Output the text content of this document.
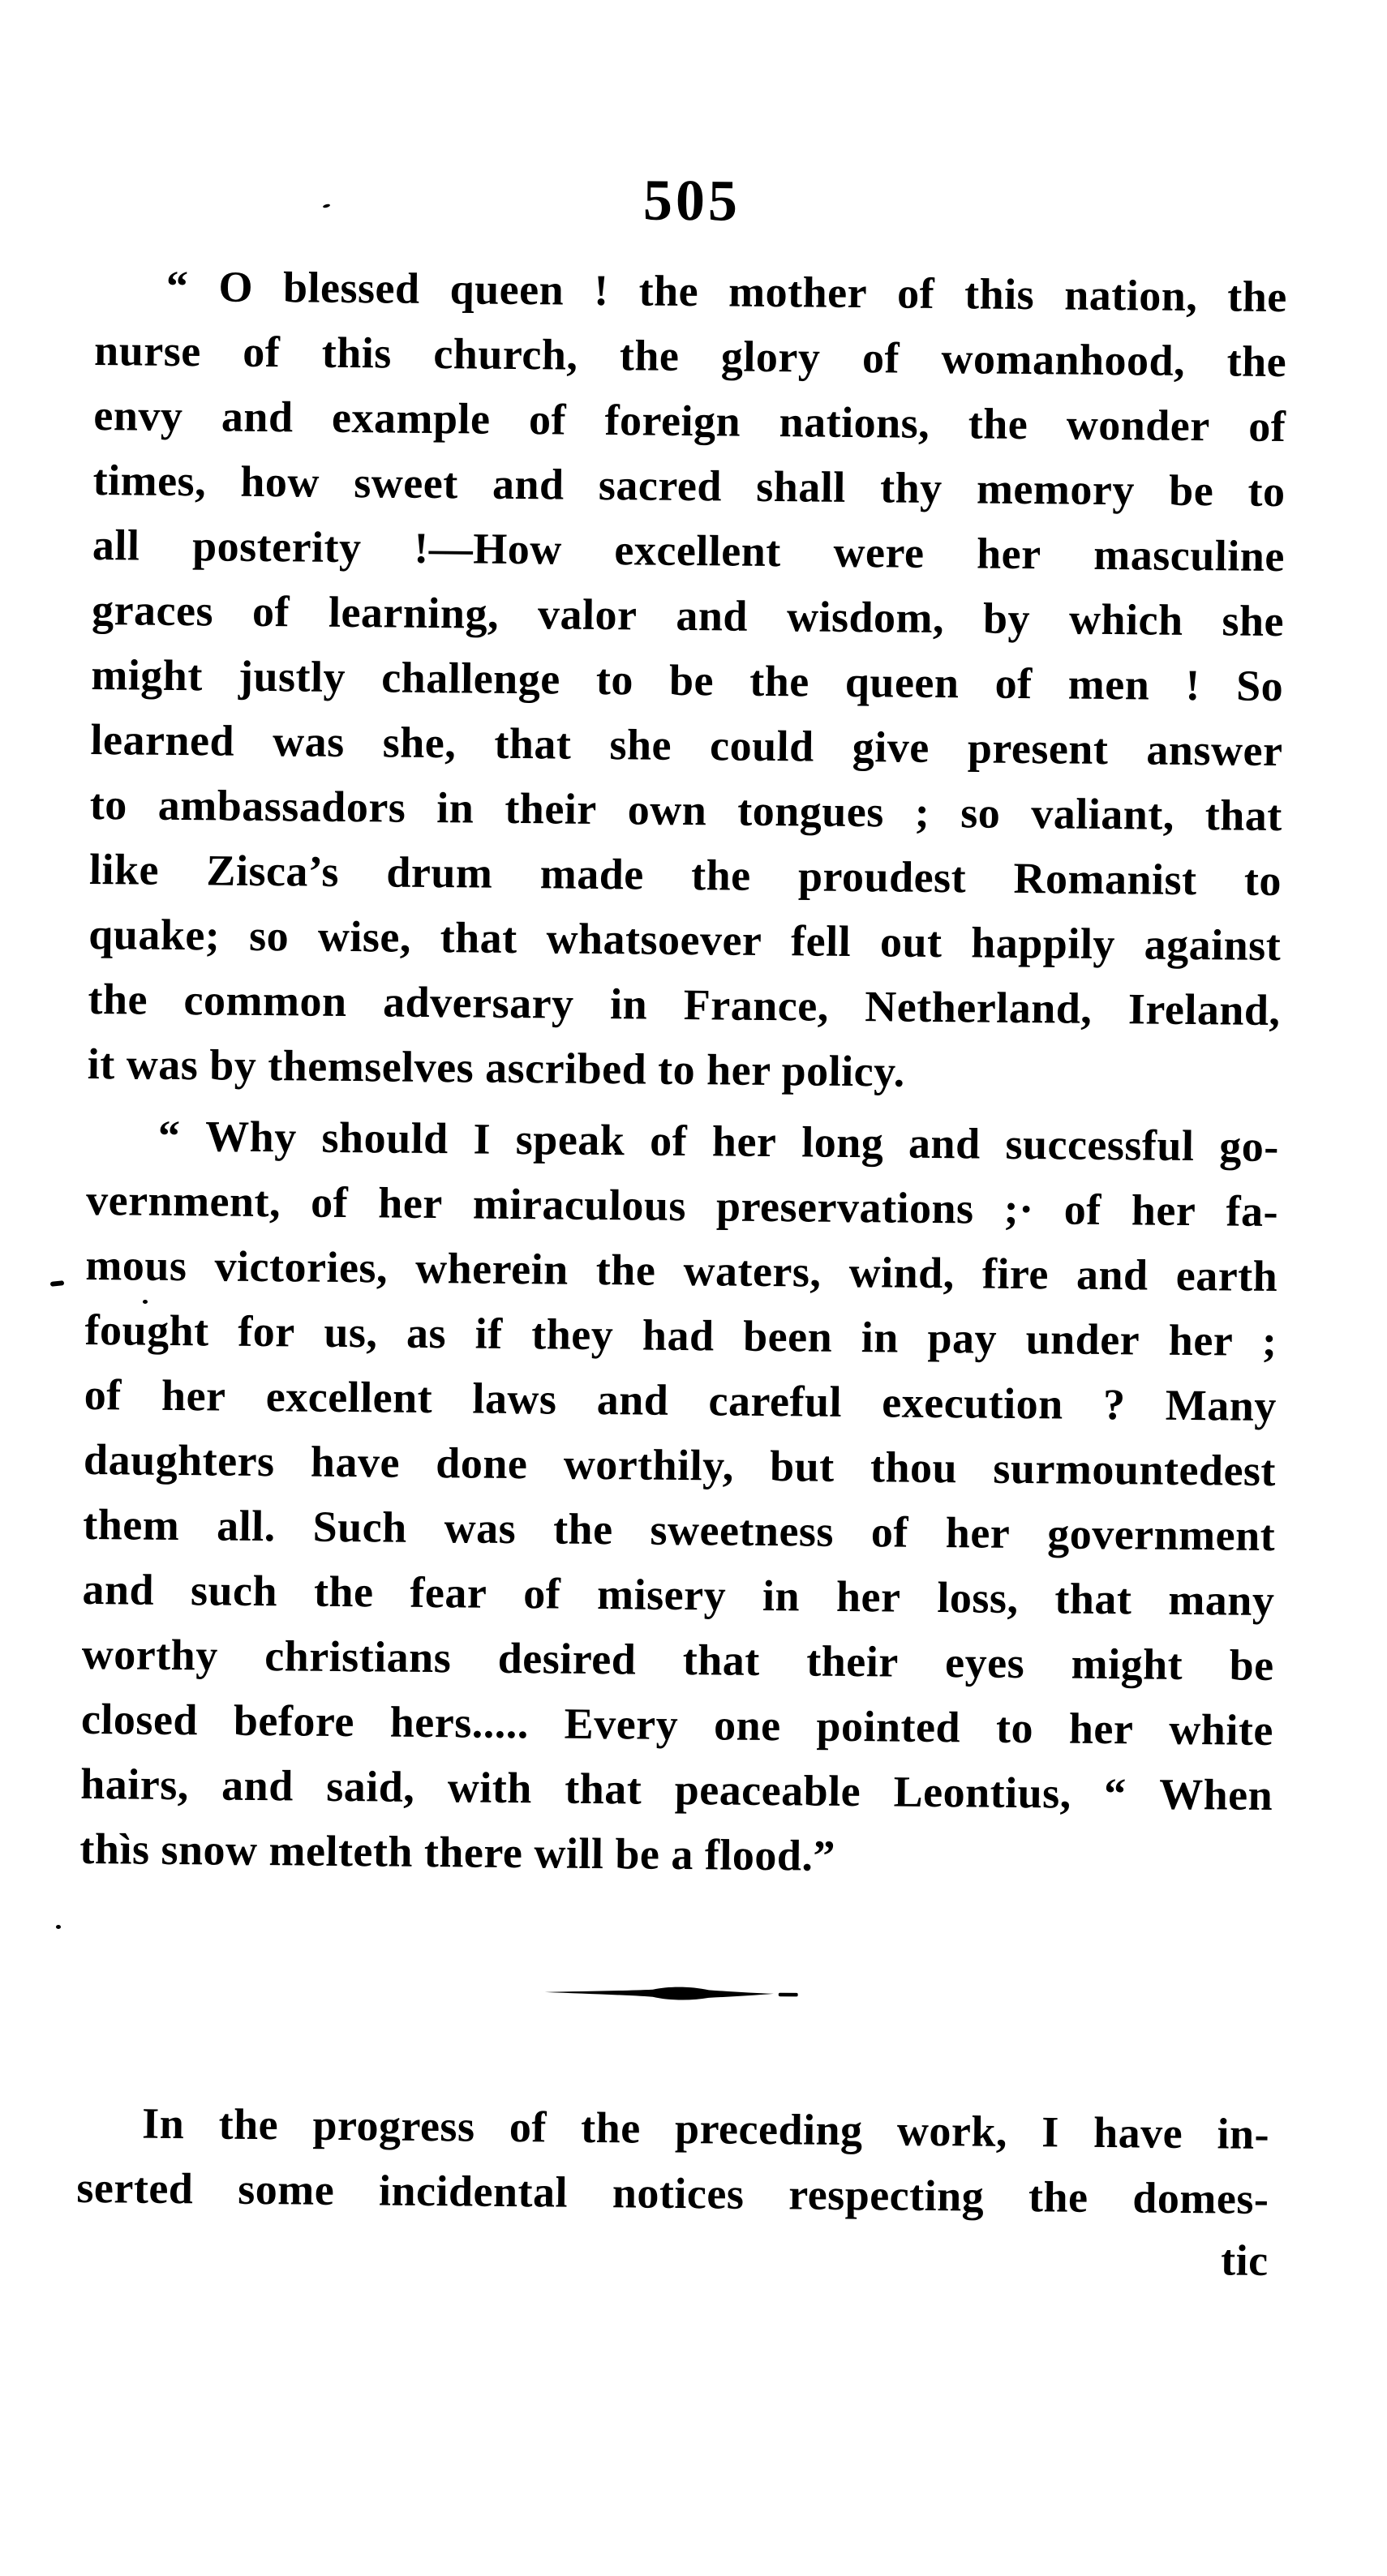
505
“ O blessed queen ! the mother of this nation, the
nurse of this church, the glory of womanhood, the
envy and example of foreign nations, the wonder of
times, how sweet and sacred shall thy memory be to
all posterity !—How excellent were her masculine
graces of learning, valor and wisdom, by which she
might justly challenge to be the queen of men ! So
learned was she, that she could give present answer
to ambassadors in their own tongues ; so valiant, that
like Zisca’s drum made the proudest Romanist to
quake; so wise, that whatsoever fell out happily against
the common adversary in France, Netherland, Ireland,
it was by themselves ascribed to her policy.
“ Why should I speak of her long and successful go-
vernment, of her miraculous preservations ;· of her fa-
mous victories, wherein the waters, wind, fire and earth
fought for us, as if they had been in pay under her ;
of her excellent laws and careful execution ? Many
daughters have done worthily, but thou surmountedest
them all. Such was the sweetness of her government
and such the fear of misery in her loss, that many
worthy christians desired that their eyes might be
closed before hers..... Every one pointed to her white
hairs, and said, with that peaceable Leontius, “ When
thìs snow melteth there will be a flood.”
In the progress of the preceding work, I have in-
serted some incidental notices respecting the domes-
tic
